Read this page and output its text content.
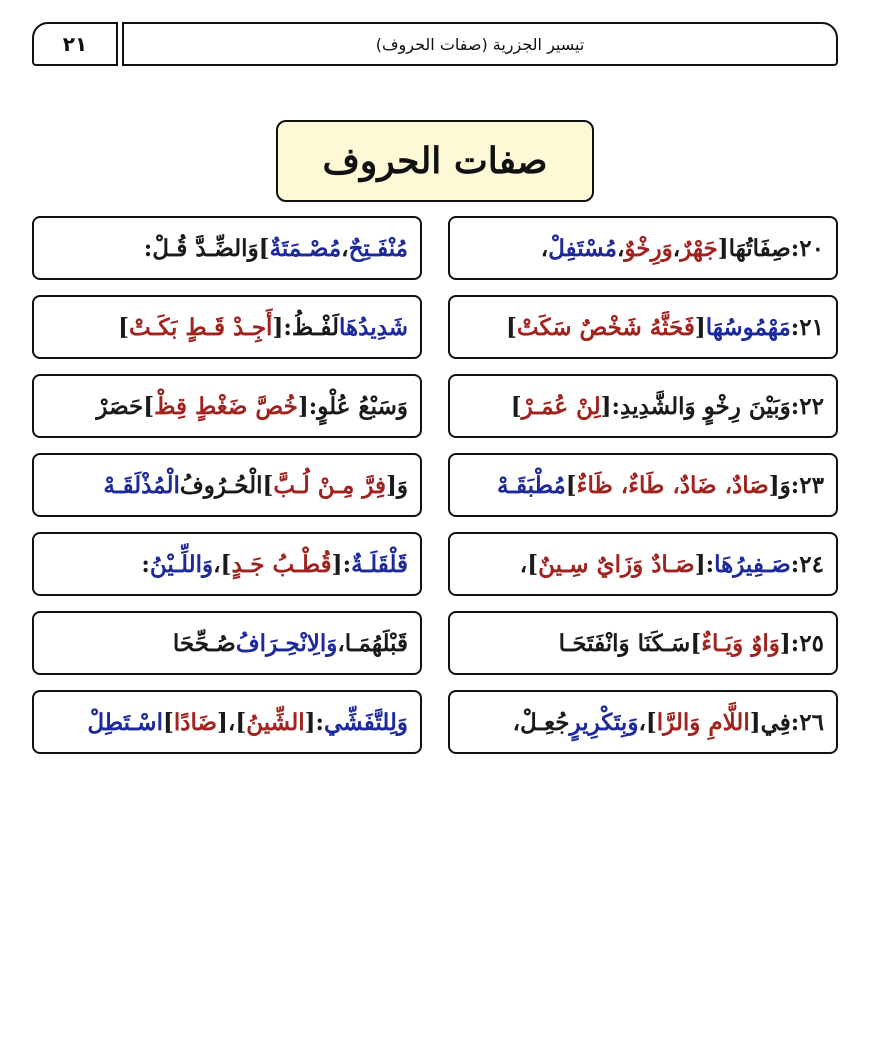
٢١	تيسير الجزرية (صفات الحروف)
صفات الحروف
٢٠:
صِفَاتُهَا
[
جَهْرٌ
،
وَرِخْوٌ
،
مُسْتَفِلْ
،
مُنْفَـتِحٌ
،
مُصْـمَتَةٌ
]
وَالضِّـدَّ قُـلْ
:
٢١:
مَهْمُوسُهَا
[
فَحَثَّهُ شَخْصٌ سَكَتْ
]
شَدِيدُهَا
لَفْـظُ:
[
أَجِـدْ قَـطٍ بَكَـتْ
]
٢٢:
وَبَيْنَ رِخْوٍ وَالشَّدِيدِ
:
[
لِنْ عُمَـرْ
]
وَسَبْعُ عُلْوٍ:
[
خُصَّ ضَغْطٍ قِظْ
]
حَصَرْ
٢٣:
وَ[
صَادٌ، ضَادٌ، طَاءٌ، ظَاءٌ
]
مُطْبَقَـهْ
وَ
[
فِرَّ مِـنْ لُـبَّ
]
الْحُـرُوفُ
الْمُذْلَقَـهْ
٢٤:
صَـفِيرُهَا
:
[
صَـادٌ وَزَايٌ سِـينٌ
]،
قَلْقَلَـةٌ
:
[
قُطْـبُ جَـدٍ
]،
وَاللِّـيْنُ
:
٢٥:
[
وَاوٌ وَيَـاءٌ
]
سَـكَنَا وَانْفَتَحَـا
قَبْلَهُمَـا،
وَالِانْحِـرَافُ
صُـحِّحَا
٢٦:
فِي
[
اللَّامِ وَالرَّا
]،
وَبِتَكْرِيرٍ
جُعِـلْ،
وَلِلتَّفَشِّي
:
[
الشِّينُ
]،
[
ضَادًا
]
اسْـتَطِلْ
